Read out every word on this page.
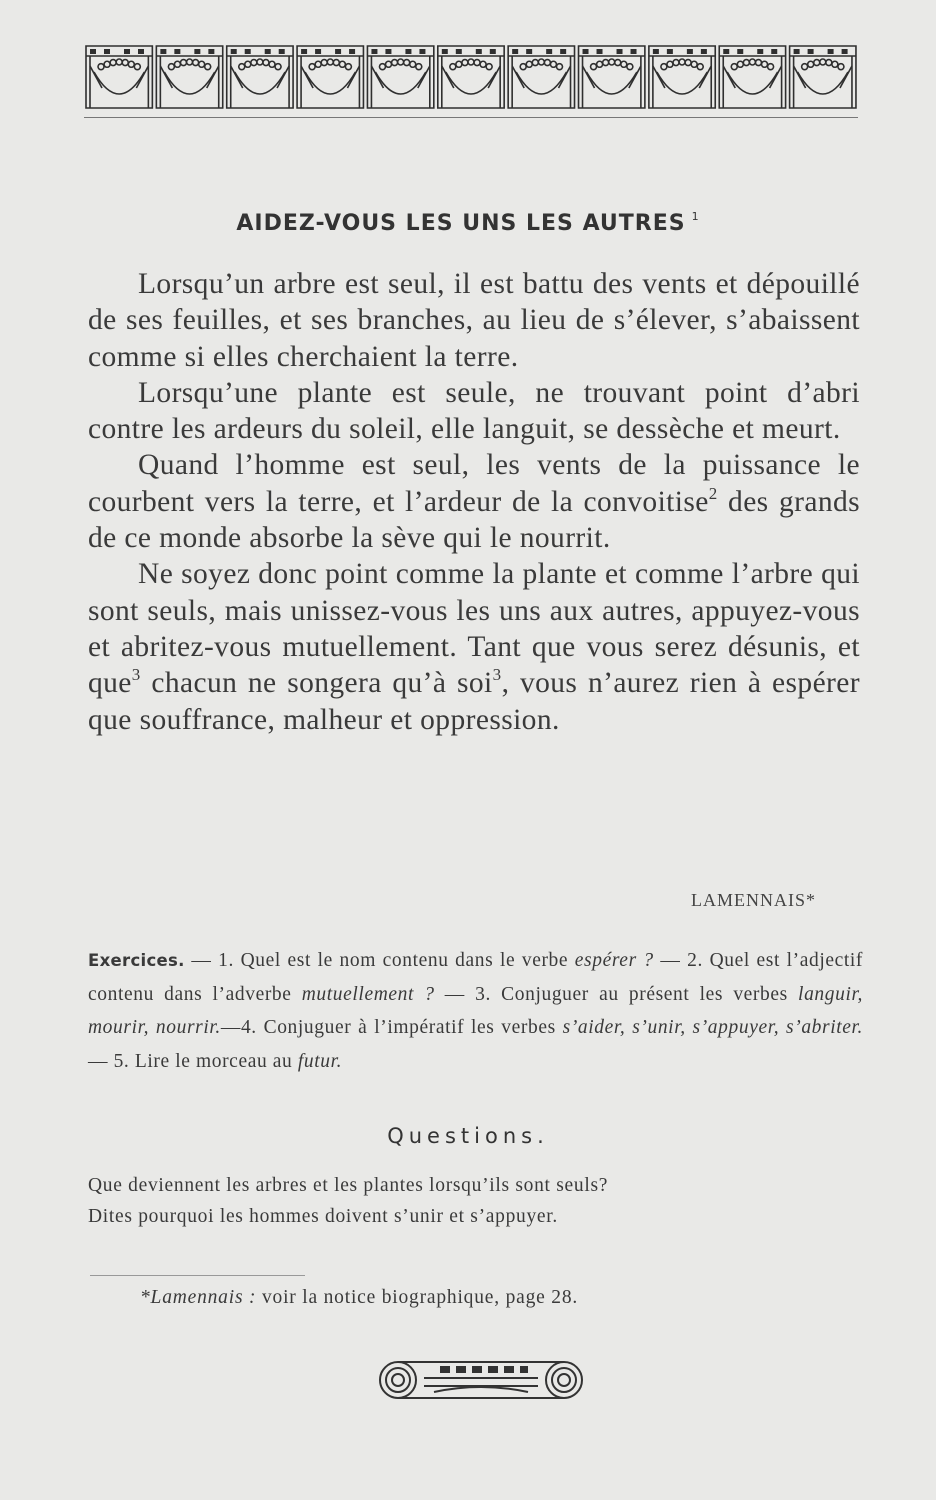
AIDEZ-VOUS LES UNS LES AUTRES $^1$

Lorsqu’un arbre est seul, il est battu des vents et dépouillé de ses feuilles, et ses branches, au lieu de s’élever, s’abaissent comme si elles cherchaient la terre.

Lorsqu’une plante est seule, ne trouvant point d’abri contre les ardeurs du soleil, elle languit, se dessèche et meurt.

Quand l’homme est seul, les vents de la puissance le courbent vers la terre, et l’ardeur de la convoitise$^2$ des grands de ce monde absorbe la sève qui le nourrit.

Ne soyez donc point comme la plante et comme l’arbre qui sont seuls, mais unissez-vous les uns aux autres, appuyez-vous et abritez-vous mutuellement. Tant que vous serez désunis, et que$^3$ chacun ne songera qu’à soi$^3$, vous n’aurez rien à espérer que souffrance, malheur et oppression.

LAMENNAIS*
Exercices. — 1. Quel est le nom contenu dans le verbe espérer ? — 2. Quel est l’adjectif contenu dans l’adverbe mutuellement ? — 3. Conjuguer au présent les verbes languir, mourir, nourrir.—4. Conjuguer à l’impératif les verbes s’aider, s’unir, s’appuyer, s’abriter. — 5. Lire le morceau au futur.
Questions.
Que deviennent les arbres et les plantes lorsqu’ils sont seuls?
Dites pourquoi les hommes doivent s’unir et s’appuyer.
*Lamennais : voir la notice biographique, page 28.
